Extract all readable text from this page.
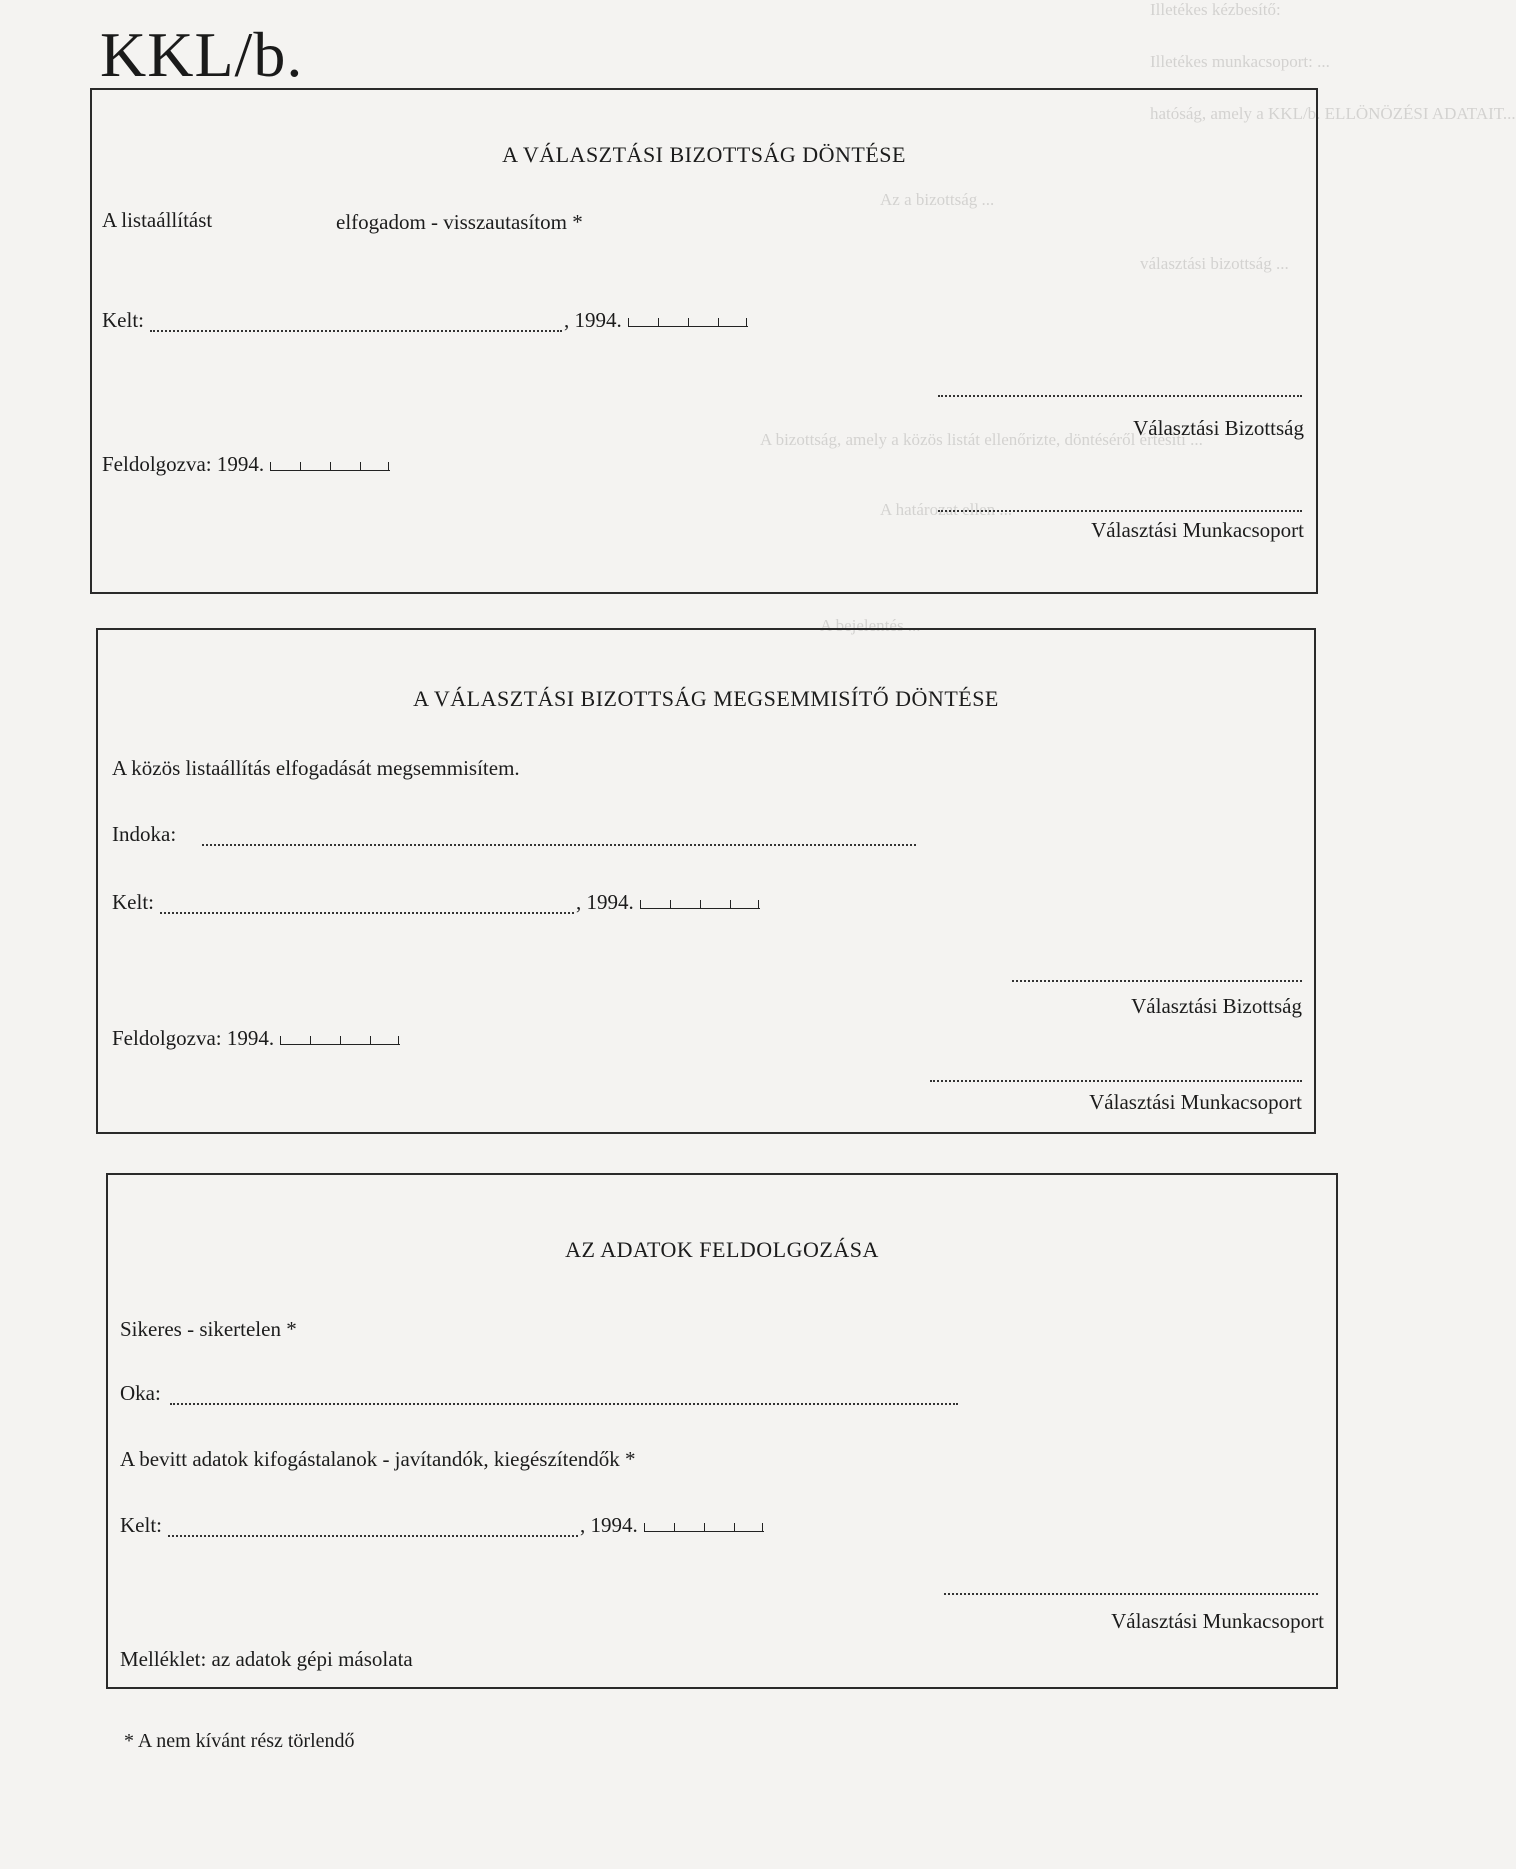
Illetékes kézbesítő:
Illetékes munkacsoport: ...
hatóság, amely a KKL/b. ELLÖNÖZÉSI ADATAIT...
Az a bizottság ...
A bizottság, amely a közös listát ellenőrizte, döntéséről értesíti ...
választási bizottság ...
A határozat ellen ...
A bejelentés ...
KKL/b.
A VÁLASZTÁSI BIZOTTSÁG DÖNTÉSE
A listaállítást	elfogadom - visszautasítom *
Kelt:	, 1994.
Választási Bizottság
Feldolgozva: 1994.
Választási Munkacsoport
A VÁLASZTÁSI BIZOTTSÁG MEGSEMMISÍTŐ DÖNTÉSE
A közös listaállítás elfogadását megsemmisítem.
Indoka:
Kelt:	, 1994.
Választási Bizottság
Feldolgozva: 1994.
Választási Munkacsoport
AZ ADATOK FELDOLGOZÁSA
Sikeres - sikertelen *
Oka:
A bevitt adatok kifogástalanok - javítandók, kiegészítendők *
Kelt:	, 1994.
Választási Munkacsoport
Melléklet: az adatok gépi másolata
* A nem kívánt rész törlendő
